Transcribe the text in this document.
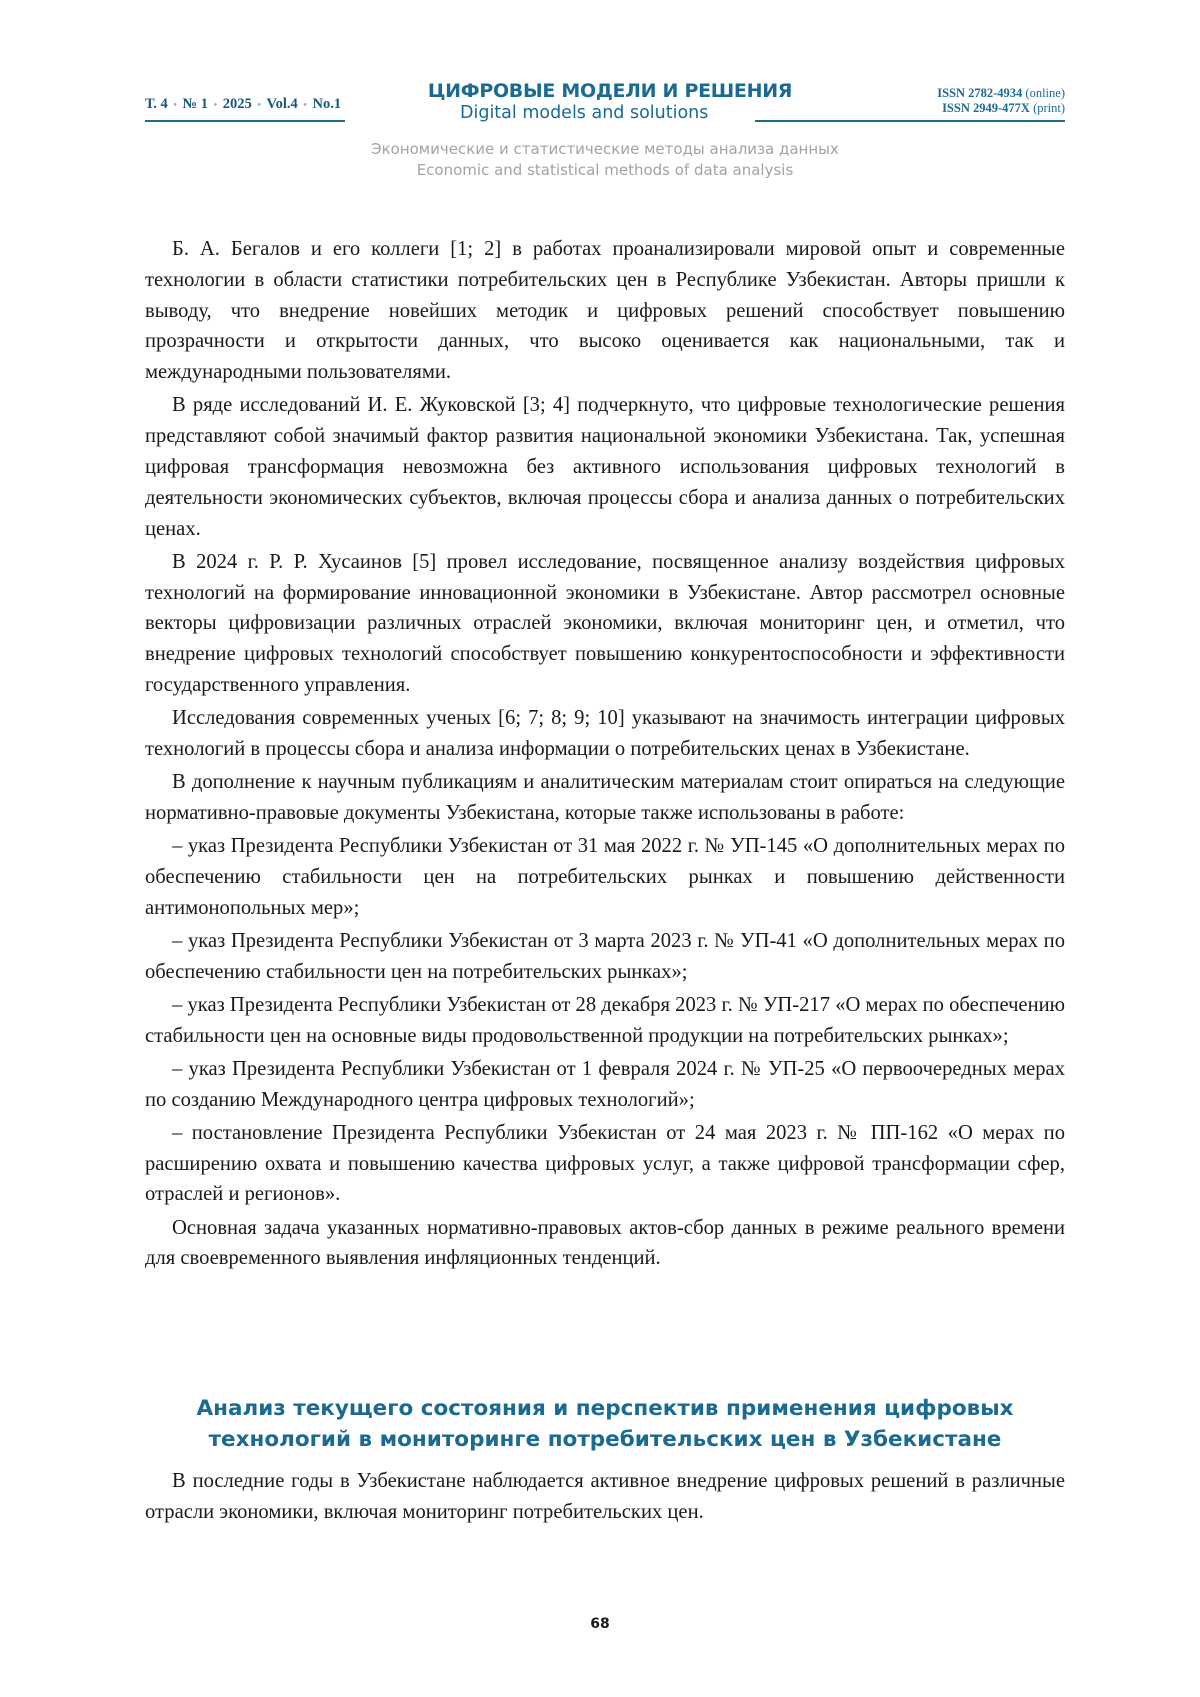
Т. 4 • № 1 • 2025 • Vol.4 • No.1
ЦИФРОВЫЕ МОДЕЛИ И РЕШЕНИЯ
Digital models and solutions
ISSN 2782-4934 (online)
ISSN 2949-477X (print)
Экономические и статистические методы анализа данных
Economic and statistical methods of data analysis

Б. А. Бегалов и его коллеги [1; 2] в работах проанализировали мировой опыт и современные технологии в области статистики потребительских цен в Республике Узбекистан. Авторы пришли к выводу, что внедрение новейших методик и цифровых решений способствует повышению прозрачности и открытости данных, что высоко оценивается как национальными, так и международными пользователями.

В ряде исследований И. Е. Жуковской [3; 4] подчеркнуто, что цифровые технологические решения представляют собой значимый фактор развития национальной экономики Узбекистана. Так, успешная цифровая трансформация невозможна без активного использования цифровых технологий в деятельности экономических субъектов, включая процессы сбора и анализа данных о потребительских ценах.

В 2024 г. Р. Р. Хусаинов [5] провел исследование, посвященное анализу воздействия цифровых технологий на формирование инновационной экономики в Узбекистане. Автор рассмотрел основные векторы цифровизации различных отраслей экономики, включая мониторинг цен, и отметил, что внедрение цифровых технологий способствует повышению конкурентоспособности и эффективности государственного управления.

Исследования современных ученых [6; 7; 8; 9; 10] указывают на значимость интеграции цифровых технологий в процессы сбора и анализа информации о потребительских ценах в Узбекистане.

В дополнение к научным публикациям и аналитическим материалам стоит опираться на следующие нормативно-правовые документы Узбекистана, которые также использованы в работе:

– указ Президента Республики Узбекистан от 31 мая 2022 г. № УП-145 «О дополнительных мерах по обеспечению стабильности цен на потребительских рынках и повышению действенности антимонопольных мер»;

– указ Президента Республики Узбекистан от 3 марта 2023 г. № УП-41 «О дополнительных мерах по обеспечению стабильности цен на потребительских рынках»;

– указ Президента Республики Узбекистан от 28 декабря 2023 г. № УП-217 «О мерах по обеспечению стабильности цен на основные виды продовольственной продукции на потребительских рынках»;

– указ Президента Республики Узбекистан от 1 февраля 2024 г. № УП-25 «О первоочередных мерах по созданию Международного центра цифровых технологий»;

– постановление Президента Республики Узбекистан от 24 мая 2023 г. № ПП-162 «О мерах по расширению охвата и повышению качества цифровых услуг, а также цифровой трансформации сфер, отраслей и регионов».

Основная задача указанных нормативно-правовых актов-сбор данных в режиме реального времени для своевременного выявления инфляционных тенденций.

Анализ текущего состояния и перспектив применения цифровых
технологий в мониторинге потребительских цен в Узбекистане

В последние годы в Узбекистане наблюдается активное внедрение цифровых решений в различные отрасли экономики, включая мониторинг потребительских цен.

68
